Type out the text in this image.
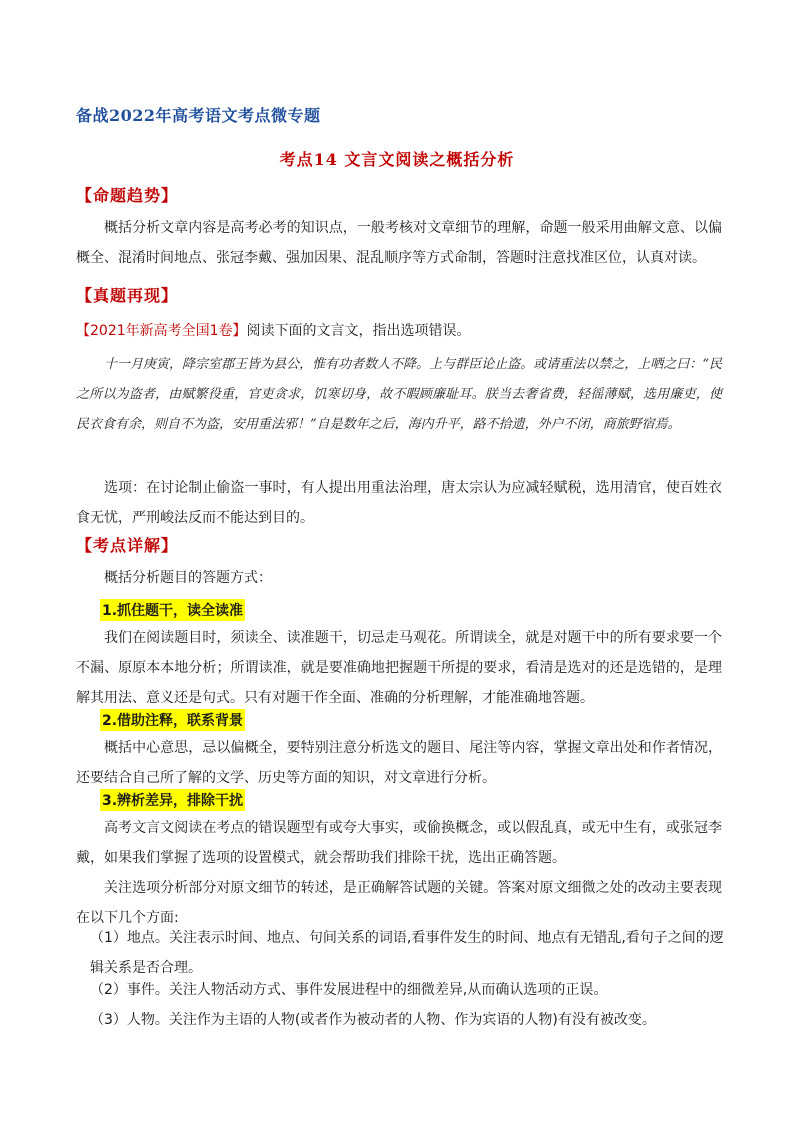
备战2022年高考语文考点微专题
考点14 文言文阅读之概括分析
【命题趋势】
概括分析文章内容是高考必考的知识点，一般考核对文章细节的理解，命题一般采用曲解文意、以偏概全、混淆时间地点、张冠李戴、强加因果、混乱顺序等方式命制，答题时注意找准区位，认真对读。
【真题再现】
【2021年新高考全国1卷】阅读下面的文言文，指出选项错误。
十一月庚寅，降宗室郡王皆为县公，惟有功者数人不降。上与群臣论止盗。或请重法以禁之，上哂之曰：“民之所以为盗者，由赋繁役重，官吏贪求，饥寒切身，故不暇顾廉耻耳。朕当去奢省费，轻徭薄赋，选用廉吏，使民衣食有余，则自不为盗，安用重法邪！”自是数年之后，海内升平，路不拾遗，外户不闭，商旅野宿焉。
选项：在讨论制止偷盗一事时，有人提出用重法治理，唐太宗认为应减轻赋税，选用清官，使百姓衣食无忧，严刑峻法反而不能达到目的。
【考点详解】
概括分析题目的答题方式：
1.抓住题干，读全读准
我们在阅读题目时，须读全、读准题干，切忌走马观花。所谓读全，就是对题干中的所有要求要一个不漏、原原本本地分析；所谓读准，就是要准确地把握题干所提的要求，看清是选对的还是选错的，是理解其用法、意义还是句式。只有对题干作全面、准确的分析理解，才能准确地答题。
2.借助注释，联系背景
概括中心意思，忌以偏概全，要特别注意分析选文的题目、尾注等内容，掌握文章出处和作者情况，还要结合自己所了解的文学、历史等方面的知识，对文章进行分析。
3.辨析差异，排除干扰
高考文言文阅读在考点的错误题型有或夸大事实，或偷换概念，或以假乱真，或无中生有，或张冠李戴，如果我们掌握了选项的设置模式，就会帮助我们排除干扰，选出正确答题。
关注选项分析部分对原文细节的转述，是正确解答试题的关键。答案对原文细微之处的改动主要表现在以下几个方面:
（1）地点。关注表示时间、地点、句间关系的词语,看事件发生的时间、地点有无错乱,看句子之间的逻辑关系是否合理。
（2）事件。关注人物活动方式、事件发展进程中的细微差异,从而确认选项的正误。
（3）人物。关注作为主语的人物(或者作为被动者的人物、作为宾语的人物)有没有被改变。
